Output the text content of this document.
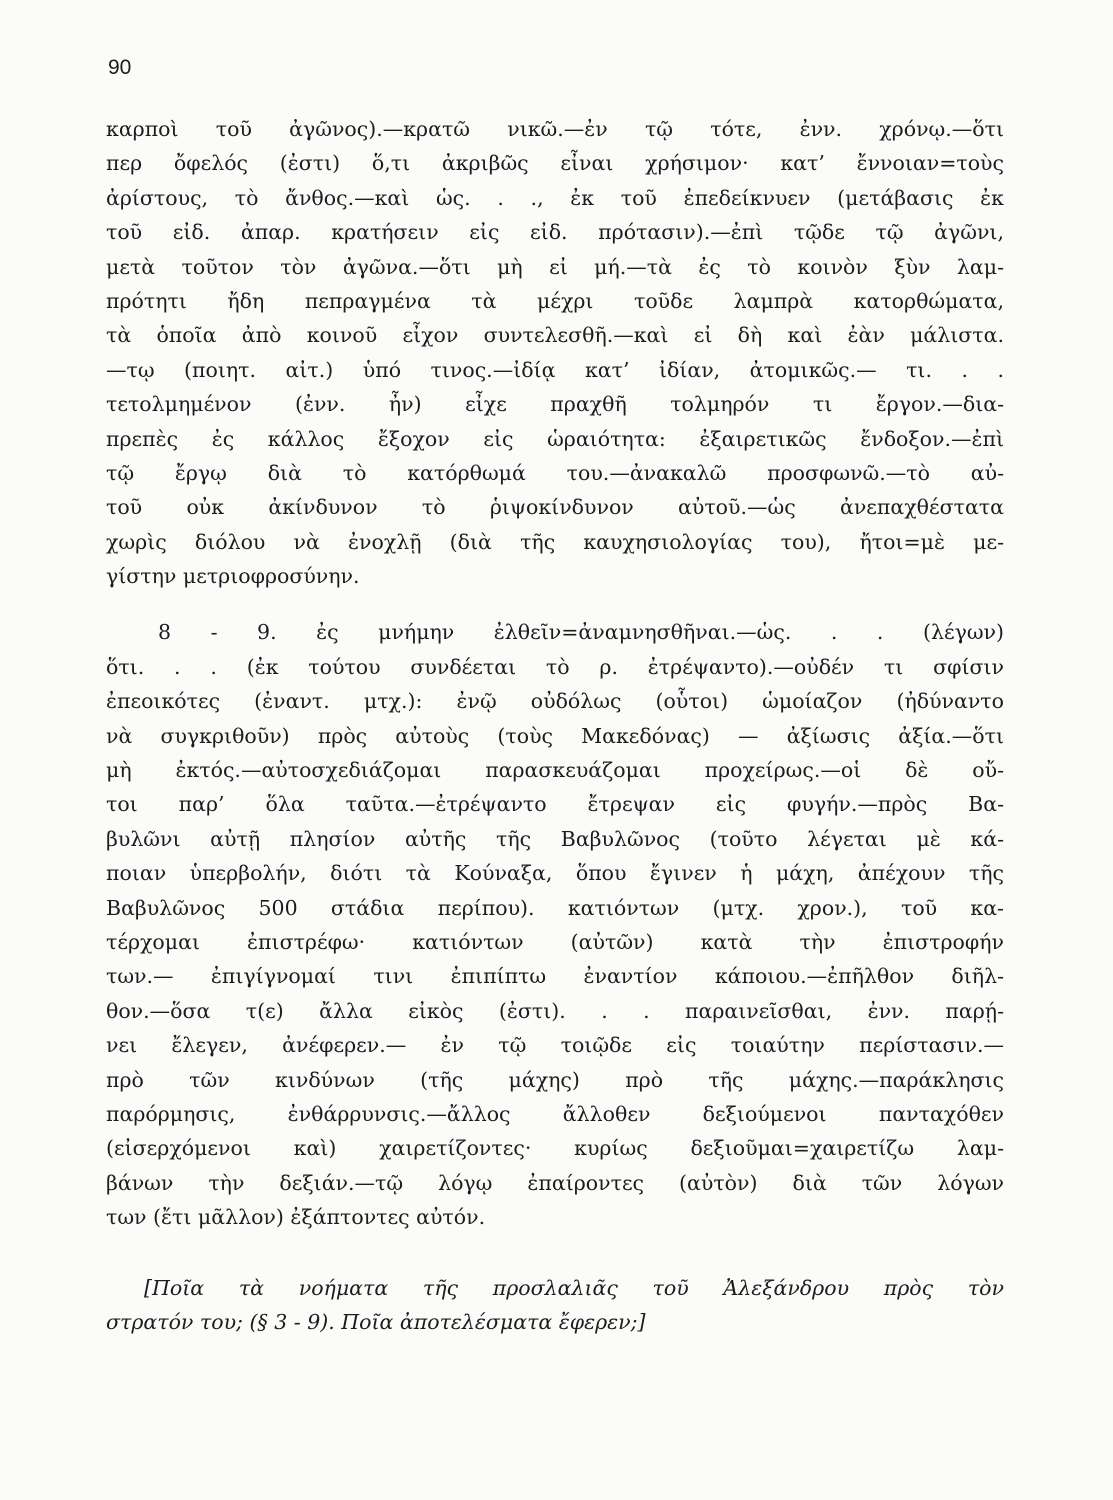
90
καρποὶ τοῦ ἀγῶνος).—κρατῶ νικῶ.—ἐν τῷ τότε, ἐνν. χρόνῳ.—ὅτι
περ ὄφελός (ἐστι) ὅ,τι ἀκριβῶς εἶναι χρήσιμον· κατ’ ἔννοιαν=τοὺς
ἀρίστους, τὸ ἄνθος.—καὶ ὡς. . ., ἐκ τοῦ ἐπεδείκνυεν (μετάβασις ἐκ
τοῦ εἰδ. ἀπαρ. κρατήσειν εἰς εἰδ. πρότασιν).—ἐπὶ τῷδε τῷ ἀγῶνι,
μετὰ τοῦτον τὸν ἀγῶνα.—ὅτι μὴ εἰ μή.—τὰ ἐς τὸ κοινὸν ξὺν λαμ-
πρότητι ἤδη πεπραγμένα τὰ μέχρι τοῦδε λαμπρὰ κατορθώματα,
τὰ ὁποῖα ἀπὸ κοινοῦ εἶχον συντελεσθῆ.—καὶ εἰ δὴ καὶ ἐὰν μάλιστα.
—τῳ (ποιητ. αἰτ.) ὑπό τινος.—ἰδίᾳ κατ’ ἰδίαν, ἀτομικῶς.— τι. . .
τετολμημένον (ἐνν. ἦν) εἶχε πραχθῆ τολμηρόν τι ἔργον.—δια-
πρεπὲς ἐς κάλλος ἔξοχον εἰς ὡραιότητα: ἐξαιρετικῶς ἔνδοξον.—ἐπὶ
τῷ ἔργῳ διὰ τὸ κατόρθωμά του.—ἀνακαλῶ προσφωνῶ.—τὸ αὐ-
τοῦ οὐκ ἀκίνδυνον τὸ ῥιψοκίνδυνον αὐτοῦ.—ὡς ἀνεπαχθέστατα
χωρὶς διόλου νὰ ἐνοχλῇ (διὰ τῆς καυχησιολογίας του), ἤτοι=μὲ με-
γίστην μετριοφροσύνην.
8 - 9. ἐς μνήμην ἐλθεῖν=ἀναμνησθῆναι.—ὡς. . . (λέγων)
ὅτι. . . (ἐκ τούτου συνδέεται τὸ ρ. ἐτρέψαντο).—οὐδέν τι σφίσιν
ἐπεοικότες (ἐναντ. μτχ.): ἐνῷ οὐδόλως (οὗτοι) ὡμοίαζον (ἠδύναντο
νὰ συγκριθοῦν) πρὸς αὐτοὺς (τοὺς Μακεδόνας) — ἀξίωσις ἀξία.—ὅτι
μὴ ἐκτός.—αὐτοσχεδιάζομαι παρασκευάζομαι προχείρως.—οἱ δὲ οὔ-
τοι παρ’ ὅλα ταῦτα.—ἐτρέψαντο ἔτρεψαν εἰς φυγήν.—πρὸς Βα-
βυλῶνι αὐτῇ πλησίον αὐτῆς τῆς Βαβυλῶνος (τοῦτο λέγεται μὲ κά-
ποιαν ὑπερβολήν, διότι τὰ Κούναξα, ὅπου ἔγινεν ἡ μάχη, ἀπέχουν τῆς
Βαβυλῶνος 500 στάδια περίπου). κατιόντων (μτχ. χρον.), τοῦ κα-
τέρχομαι ἐπιστρέφω· κατιόντων (αὐτῶν) κατὰ τὴν ἐπιστροφήν
των.— ἐπιγίγνομαί τινι ἐπιπίπτω ἐναντίον κάποιου.—ἐπῆλθον διῆλ-
θον.—ὅσα τ(ε) ἄλλα εἰκὸς (ἐστι). . . παραινεῖσθαι, ἐνν. παρῄ-
νει ἔλεγεν, ἀνέφερεν.— ἐν τῷ τοιῷδε εἰς τοιαύτην περίστασιν.—
πρὸ τῶν κινδύνων (τῆς μάχης) πρὸ τῆς μάχης.—παράκλησις
παρόρμησις, ἐνθάρρυνσις.—ἄλλος ἄλλοθεν δεξιούμενοι πανταχόθεν
(εἰσερχόμενοι καὶ) χαιρετίζοντες· κυρίως δεξιοῦμαι=χαιρετίζω λαμ-
βάνων τὴν δεξιάν.—τῷ λόγῳ ἐπαίροντες (αὐτὸν) διὰ τῶν λόγων
των (ἔτι μᾶλλον) ἐξάπτοντες αὐτόν.
[Ποῖα τὰ νοήματα τῆς προσλαλιᾶς τοῦ Ἀλεξάνδρου πρὸς τὸν
στρατόν του; (§ 3 - 9). Ποῖα ἀποτελέσματα ἔφερεν;]
